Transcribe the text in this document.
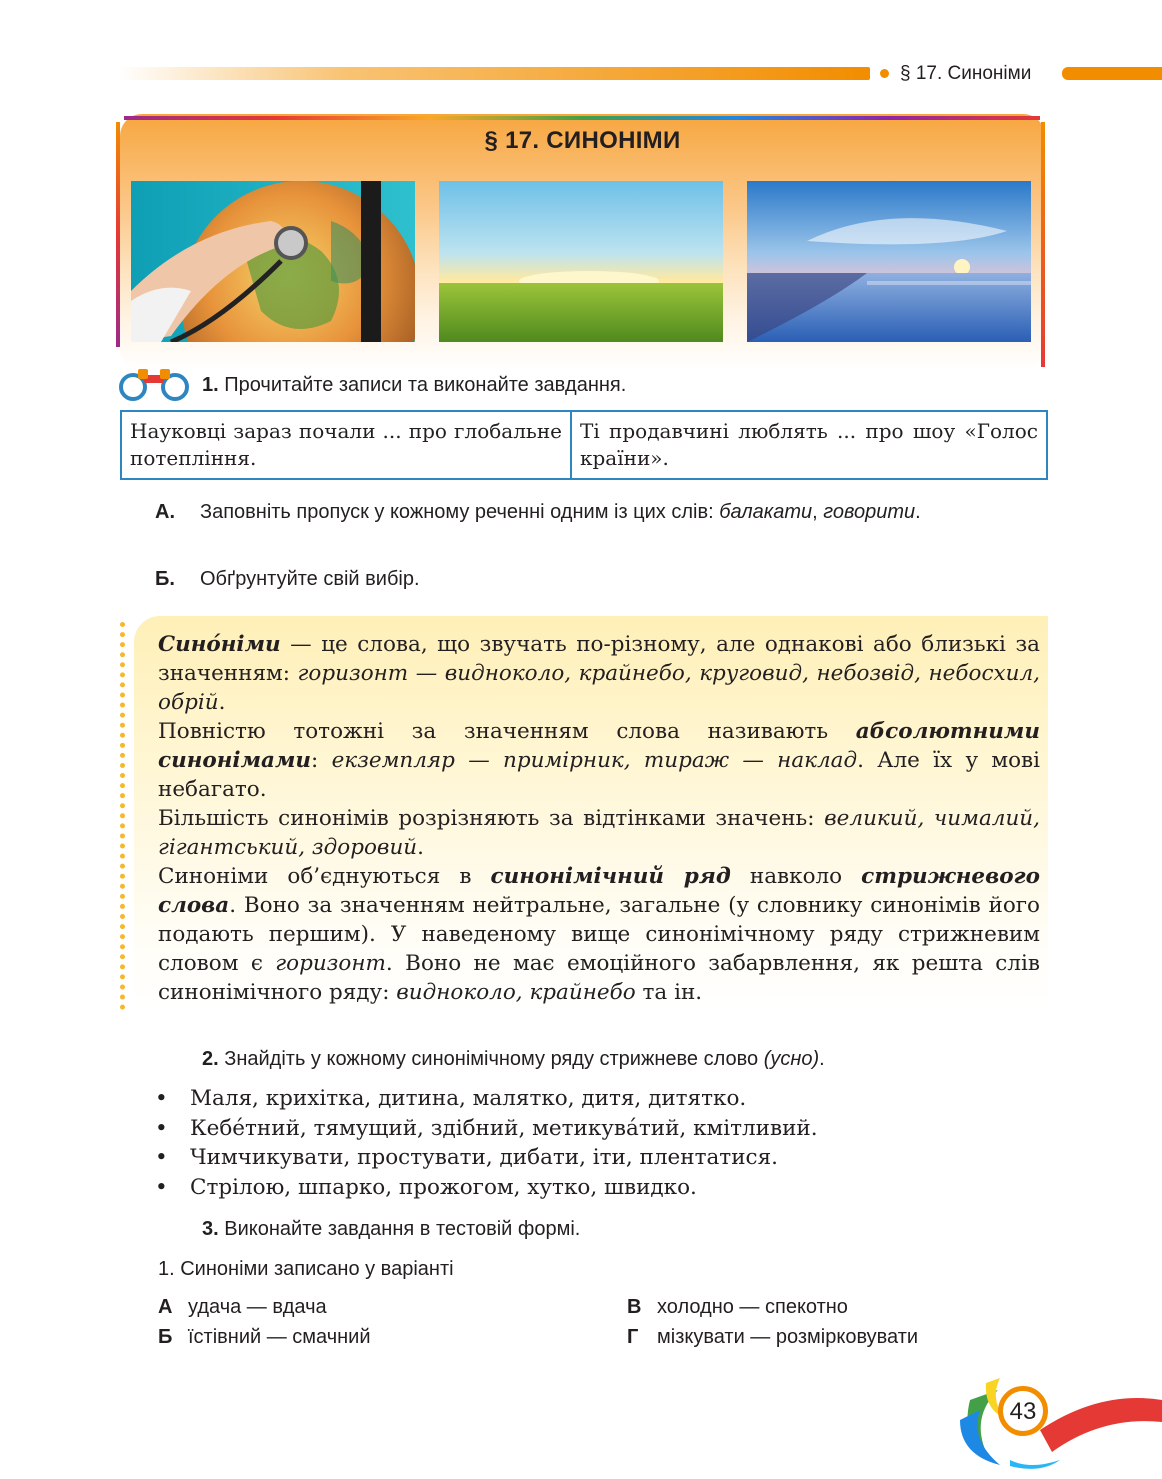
§ 17. Синоніми
§ 17. СИНОНІМИ
1. Прочитайте записи та виконайте завдання.
Науковці зараз почали ... про глобальне потепління.
Ті продавчині люблять ... про шоу «Голос країни».
А.	Заповніть пропуск у кожному реченні одним із цих слів: балакати, говорити.
Б. Обґрунтуйте свій вибір.

Сино́німи — це слова, що звучать по-різному, але однакові або близькі за значенням: горизонт — видноколо, крайнебо, круговид, небозвід, небосхил, обрій.

Повністю тотожні за значенням слова називають абсолютними синонімами: екземпляр — примірник, тираж — наклад. Але їх у мові небагато.

Більшість синонімів розрізняють за відтінками значень: великий, чималий, гігантський, здоровий.

Синоніми об’єднуються в синонімічний ряд навколо стрижневого слова. Воно за значенням нейтральне, загальне (у словнику синонімів його подають першим). У наведеному вище синонімічному ряду стрижневим словом є горизонт. Воно не має емоційного забарвлення, як решта слів синонімічного ряду: видноколо, крайнебо та ін.

2. Знайдіть у кожному синонімічному ряду стрижневе слово (усно).
• Маля, крихітка, дитина, малятко, дитя, дитятко.
• Кебе́тний, тямущий, здібний, метикува́тий, кмітливий.
• Чимчикувати, простувати, дибати, іти, плентатися.
• Стрілою, шпарко, прожогом, хутко, швидко.
3. Виконайте завдання в тестовій формі.
1. Синоніми записано у варіанті
А удача — вдача
Б їстівний — смачний
В холодно — спекотно
Г мізкувати — розмірковувати
43
